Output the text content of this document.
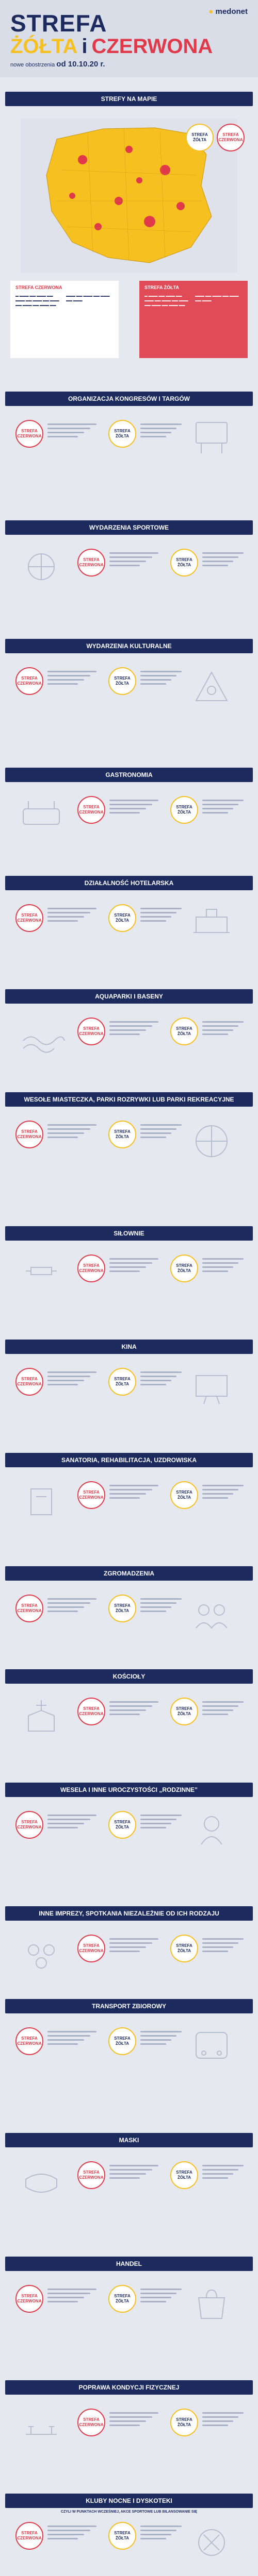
● medonet
STREFA
ŻÓŁTA i CZERWONA
nowe obostrzenia od 10.10.20 r.
STREFY NA MAPIE
STREFA ŻÓŁTA
STREFA CZERWONA
STREFA CZERWONA
▬ ▬▬▬ ▬▬ ▬▬▬ ▬▬ ▬▬▬ ▬▬ ▬▬▬ ▬▬ ▬▬▬ ▬▬ ▬▬▬ ▬▬ ▬▬▬ ▬▬ ▬▬▬ ▬▬ ▬▬▬ ▬▬ ▬▬▬ ▬▬ ▬▬▬
STREFA ŻÓŁTA
▬ ▬▬▬ ▬▬ ▬▬▬ ▬▬ ▬▬▬ ▬▬ ▬▬▬ ▬▬ ▬▬▬ ▬▬ ▬▬▬ ▬▬ ▬▬▬ ▬▬ ▬▬▬ ▬▬ ▬▬▬ ▬▬ ▬▬▬ ▬▬ ▬▬▬
ORGANIZACJA KONGRESÓW I TARGÓW
STREFA CZERWONA
STREFA ŻÓŁTA
WYDARZENIA SPORTOWE
STREFA CZERWONA
STREFA ŻÓŁTA
WYDARZENIA KULTURALNE
STREFA CZERWONA
STREFA ŻÓŁTA
GASTRONOMIA
STREFA CZERWONA
STREFA ŻÓŁTA
DZIAŁALNOŚĆ HOTELARSKA
STREFA CZERWONA
STREFA ŻÓŁTA
AQUAPARKI I BASENY
STREFA CZERWONA
STREFA ŻÓŁTA
WESOŁE MIASTECZKA, PARKI ROZRYWKI LUB PARKI REKREACYJNE
STREFA CZERWONA
STREFA ŻÓŁTA
SIŁOWNIE
STREFA CZERWONA
STREFA ŻÓŁTA
KINA
STREFA CZERWONA
STREFA ŻÓŁTA
SANATORIA, REHABILITACJA, UZDROWISKA
STREFA CZERWONA
STREFA ŻÓŁTA
ZGROMADZENIA
STREFA CZERWONA
STREFA ŻÓŁTA
KOŚCIOŁY
STREFA CZERWONA
STREFA ŻÓŁTA
WESELA I INNE UROCZYSTOŚCI „RODZINNE”
STREFA CZERWONA
STREFA ŻÓŁTA
INNE IMPREZY, SPOTKANIA NIEZALEŻNIE OD ICH RODZAJU
STREFA CZERWONA
STREFA ŻÓŁTA
TRANSPORT ZBIOROWY
STREFA CZERWONA
STREFA ŻÓŁTA
MASKI
STREFA CZERWONA
STREFA ŻÓŁTA
HANDEL
STREFA CZERWONA
STREFA ŻÓŁTA
POPRAWA KONDYCJI FIZYCZNEJ
STREFA CZERWONA
STREFA ŻÓŁTA
KLUBY NOCNE I DYSKOTEKI
CZYLI W PUNKTACH WCZEŚNIEJ, AKCE SPORTOWE LUB BILANSOWANIE SIĘ
STREFA CZERWONA
STREFA ŻÓŁTA
